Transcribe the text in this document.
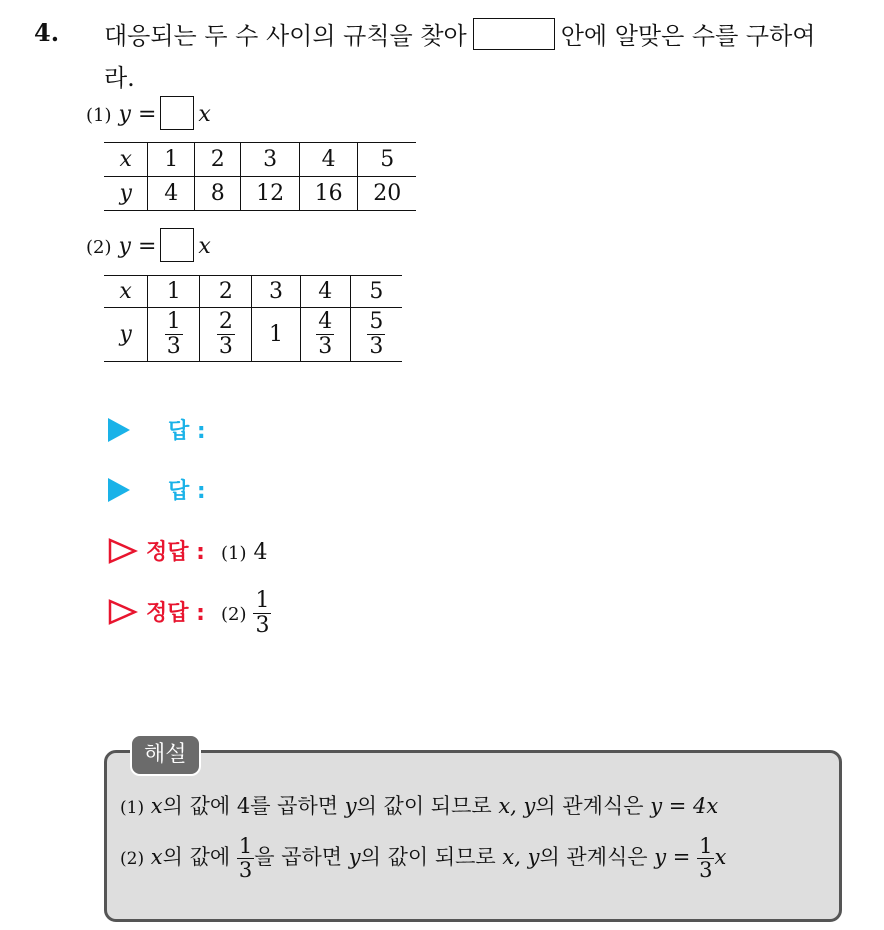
4. 대응되는 두 수 사이의 규칙을 찾아	안에 알맞은 수를 구하여
라.
(1) y = x
x	1	2	3	4	5
y	4	8	12	16	20
(2) y = x
x	1	2	3	4	5
y	$\frac{1}{3}$	$\frac{2}{3}$	1	$\frac{4}{3}$	$\frac{5}{3}$
답 :
답 :
정답 : (1) 4
정답 : $(2) \frac{1}{3}$
해설
(1) x의 값에 4를 곱하면 y의 값이 되므로 x, y의 관계식은 y = 4x
(2) x의 값에 $\frac{1}{3}$ 을 곱하면 y의 값이 되므로 x, y의 관계식은 $y = \frac{1}{3}$ x
